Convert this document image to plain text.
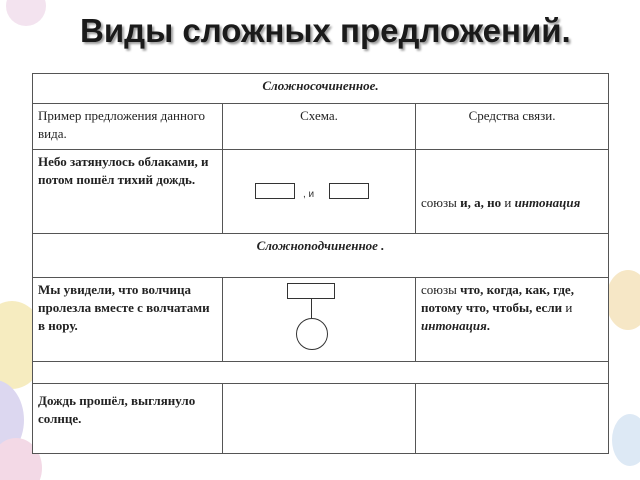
Виды сложных предложений.
Сложносочиненное.		
Пример предложения данного вида.	Схема.	Средства связи.
Небо затянулось облаками, и потом пошёл тихий дождь.	, и	союзы и, а, но и интонация
Сложноподчиненное .		
Мы увидели, что волчица пролезла вместе с волчатами в нору.		союзы что, когда, как, где, потому что, чтобы, если и интонация.

Дождь прошёл, выглянуло солнце.		
